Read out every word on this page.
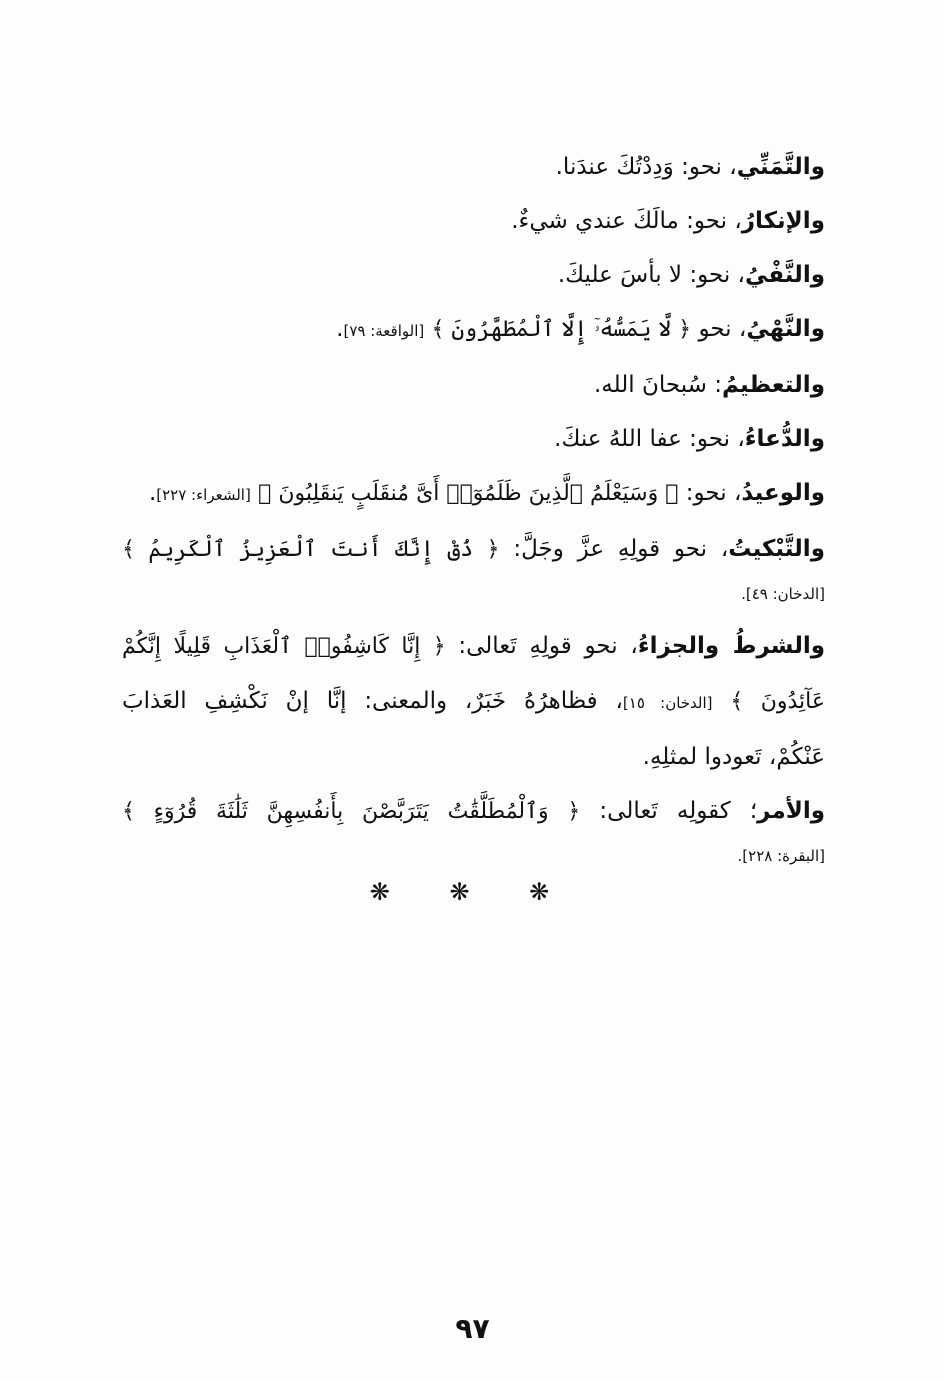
والتَّمَنِّي، نحو: وَدِدْتُكَ عندَنا.
والإنكارُ، نحو: مالَكَ عندي شيءٌ.
والنَّفْيُ، نحو: لا بأسَ عليكَ.
والنَّهْيُ، نحو ﴿ لَّا يَمَسُّهُۥٓ إِلَّا ٱلْمُطَهَّرُونَ ﴾ [الواقعة: ٧٩].
والتعظيمُ: سُبحانَ الله.
والدُّعاءُ، نحو: عفا اللهُ عنكَ.
والوعيدُ، نحو: ﴿ وَسَيَعْلَمُ ٱلَّذِينَ ظَلَمُوٓا۟ أَىَّ مُنقَلَبٍ يَنقَلِبُونَ ﴾ [الشعراء: ٢٢٧].
والتَّبْكيتُ، نحو قولِهِ عزَّ وجَلَّ: ﴿ ذُقْ إِنَّكَ أَنتَ ٱلْعَزِيزُ ٱلْكَرِيمُ ﴾
[الدخان: ٤٩].
والشرطُ والجزاءُ، نحو قولِهِ تَعالى: ﴿ إِنَّا كَاشِفُوا۟ ٱلْعَذَابِ قَلِيلًا إِنَّكُمْ
عَآئِدُونَ ﴾ [الدخان: ١٥]، فظاهرُهُ خَبَرٌ، والمعنى: إنَّا إنْ نَكْشِفِ العَذابَ
عَنْكُمْ، تَعودوا لمثلِهِ.
والأمر؛ كقولِه تَعالى: ﴿ وَٱلْمُطَلَّقَٰتُ يَتَرَبَّصْنَ بِأَنفُسِهِنَّ ثَلَٰثَةَ قُرُوٓءٍ ﴾
[البقرة: ٢٢٨].
❋ ❋ ❋
٩٧
